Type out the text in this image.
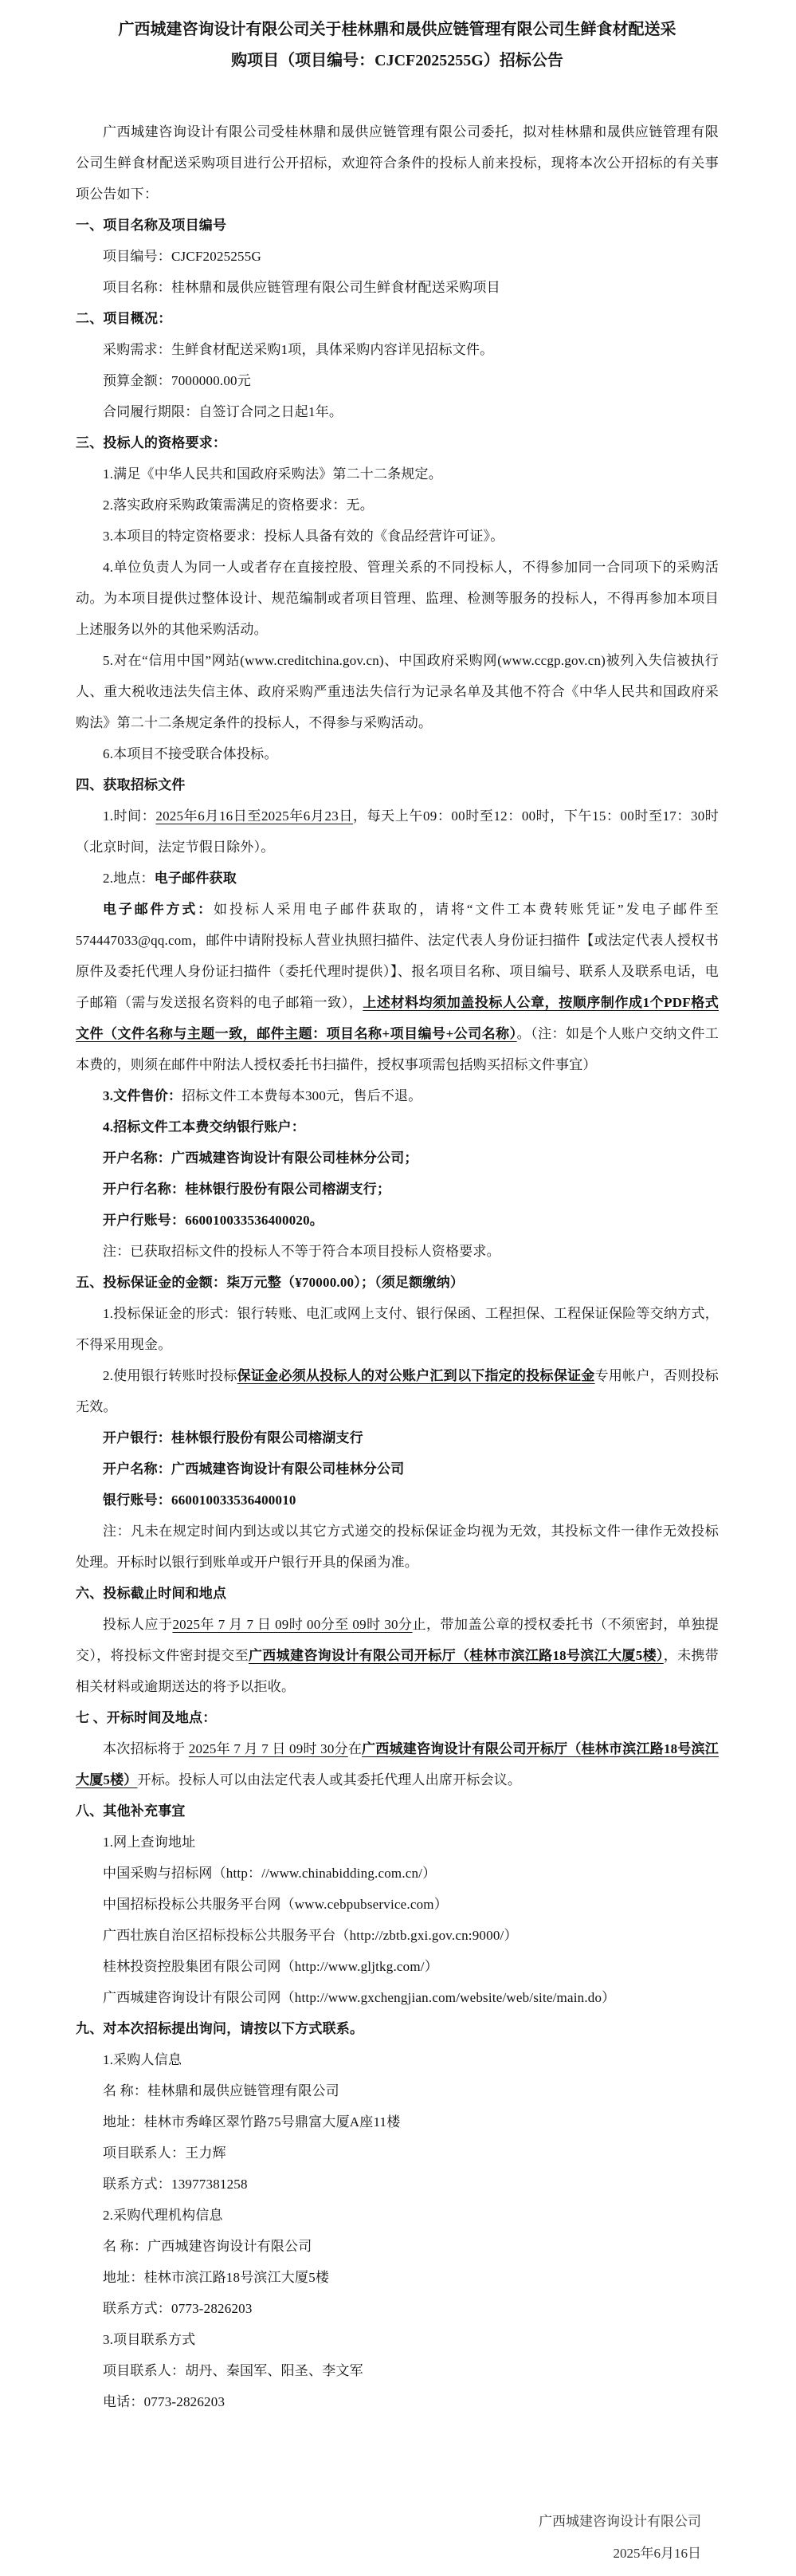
广西城建咨询设计有限公司关于桂林鼎和晟供应链管理有限公司生鲜食材配送采
购项目（项目编号：CJCF2025255G）招标公告

广西城建咨询设计有限公司受桂林鼎和晟供应链管理有限公司委托，拟对桂林鼎和晟供应链管理有限公司生鲜食材配送采购项目进行公开招标，欢迎符合条件的投标人前来投标，现将本次公开招标的有关事项公告如下：

一、项目名称及项目编号

项目编号：CJCF2025255G

项目名称：桂林鼎和晟供应链管理有限公司生鲜食材配送采购项目

二、项目概况：

采购需求：生鲜食材配送采购1项，具体采购内容详见招标文件。

预算金额：7000000.00元

合同履行期限：自签订合同之日起1年。

三、投标人的资格要求：

1.满足《中华人民共和国政府采购法》第二十二条规定。

2.落实政府采购政策需满足的资格要求：无。

3.本项目的特定资格要求：投标人具备有效的《食品经营许可证》。

4.单位负责人为同一人或者存在直接控股、管理关系的不同投标人，不得参加同一合同项下的采购活动。为本项目提供过整体设计、规范编制或者项目管理、监理、检测等服务的投标人，不得再参加本项目上述服务以外的其他采购活动。

5.对在“信用中国”网站(www.creditchina.gov.cn)、中国政府采购网(www.ccgp.gov.cn)被列入失信被执行人、重大税收违法失信主体、政府采购严重违法失信行为记录名单及其他不符合《中华人民共和国政府采购法》第二十二条规定条件的投标人，不得参与采购活动。

6.本项目不接受联合体投标。

四、获取招标文件

1.时间：2025年6月16日至2025年6月23日，每天上午09：00时至12：00时，下午15：00时至17：30时（北京时间，法定节假日除外）。

2.地点：电子邮件获取

电子邮件方式：如投标人采用电子邮件获取的，请将“文件工本费转账凭证”发电子邮件至574447033@qq.com，邮件中请附投标人营业执照扫描件、法定代表人身份证扫描件【或法定代表人授权书原件及委托代理人身份证扫描件（委托代理时提供）】、报名项目名称、项目编号、联系人及联系电话，电子邮箱（需与发送报名资料的电子邮箱一致），上述材料均须加盖投标人公章，按顺序制作成1个PDF格式文件（文件名称与主题一致，邮件主题：项目名称+项目编号+公司名称）。（注：如是个人账户交纳文件工本费的，则须在邮件中附法人授权委托书扫描件，授权事项需包括购买招标文件事宜）

3.文件售价：招标文件工本费每本300元，售后不退。

4.招标文件工本费交纳银行账户：

开户名称：广西城建咨询设计有限公司桂林分公司；

开户行名称：桂林银行股份有限公司榕湖支行；

开户行账号：660010033536400020。

注：已获取招标文件的投标人不等于符合本项目投标人资格要求。

五、投标保证金的金额：柒万元整（¥70000.00）；（须足额缴纳）

1.投标保证金的形式：银行转账、电汇或网上支付、银行保函、工程担保、工程保证保险等交纳方式，不得采用现金。

2.使用银行转账时投标保证金必须从投标人的对公账户汇到以下指定的投标保证金专用帐户，否则投标无效。

开户银行：桂林银行股份有限公司榕湖支行

开户名称：广西城建咨询设计有限公司桂林分公司

银行账号：660010033536400010

注：凡未在规定时间内到达或以其它方式递交的投标保证金均视为无效，其投标文件一律作无效投标处理。开标时以银行到账单或开户银行开具的保函为准。

六、投标截止时间和地点

投标人应于2025年 7 月 7 日 09时 00分至 09时 30分止，带加盖公章的授权委托书（不须密封，单独提交），将投标文件密封提交至广西城建咨询设计有限公司开标厅（桂林市滨江路18号滨江大厦5楼），未携带相关材料或逾期送达的将予以拒收。

七 、开标时间及地点：

本次招标将于 2025年 7 月 7 日 09时 30分在广西城建咨询设计有限公司开标厅（桂林市滨江路18号滨江大厦5楼）开标。投标人可以由法定代表人或其委托代理人出席开标会议。

八、其他补充事宜

1.网上查询地址

中国采购与招标网（http：//www.chinabidding.com.cn/）

中国招标投标公共服务平台网（www.cebpubservice.com）

广西壮族自治区招标投标公共服务平台（http://zbtb.gxi.gov.cn:9000/）

桂林投资控股集团有限公司网（http://www.gljtkg.com/）

广西城建咨询设计有限公司网（http://www.gxchengjian.com/website/web/site/main.do）

九、对本次招标提出询问，请按以下方式联系。

1.采购人信息

名 称：桂林鼎和晟供应链管理有限公司

地址：桂林市秀峰区翠竹路75号鼎富大厦A座11楼

项目联系人：王力辉

联系方式：13977381258

2.采购代理机构信息

名 称：广西城建咨询设计有限公司

地址：桂林市滨江路18号滨江大厦5楼

联系方式：0773-2826203

3.项目联系方式

项目联系人：胡丹、秦国军、阳圣、李文军

电话：0773-2826203

广西城建咨询设计有限公司
2025年6月16日
